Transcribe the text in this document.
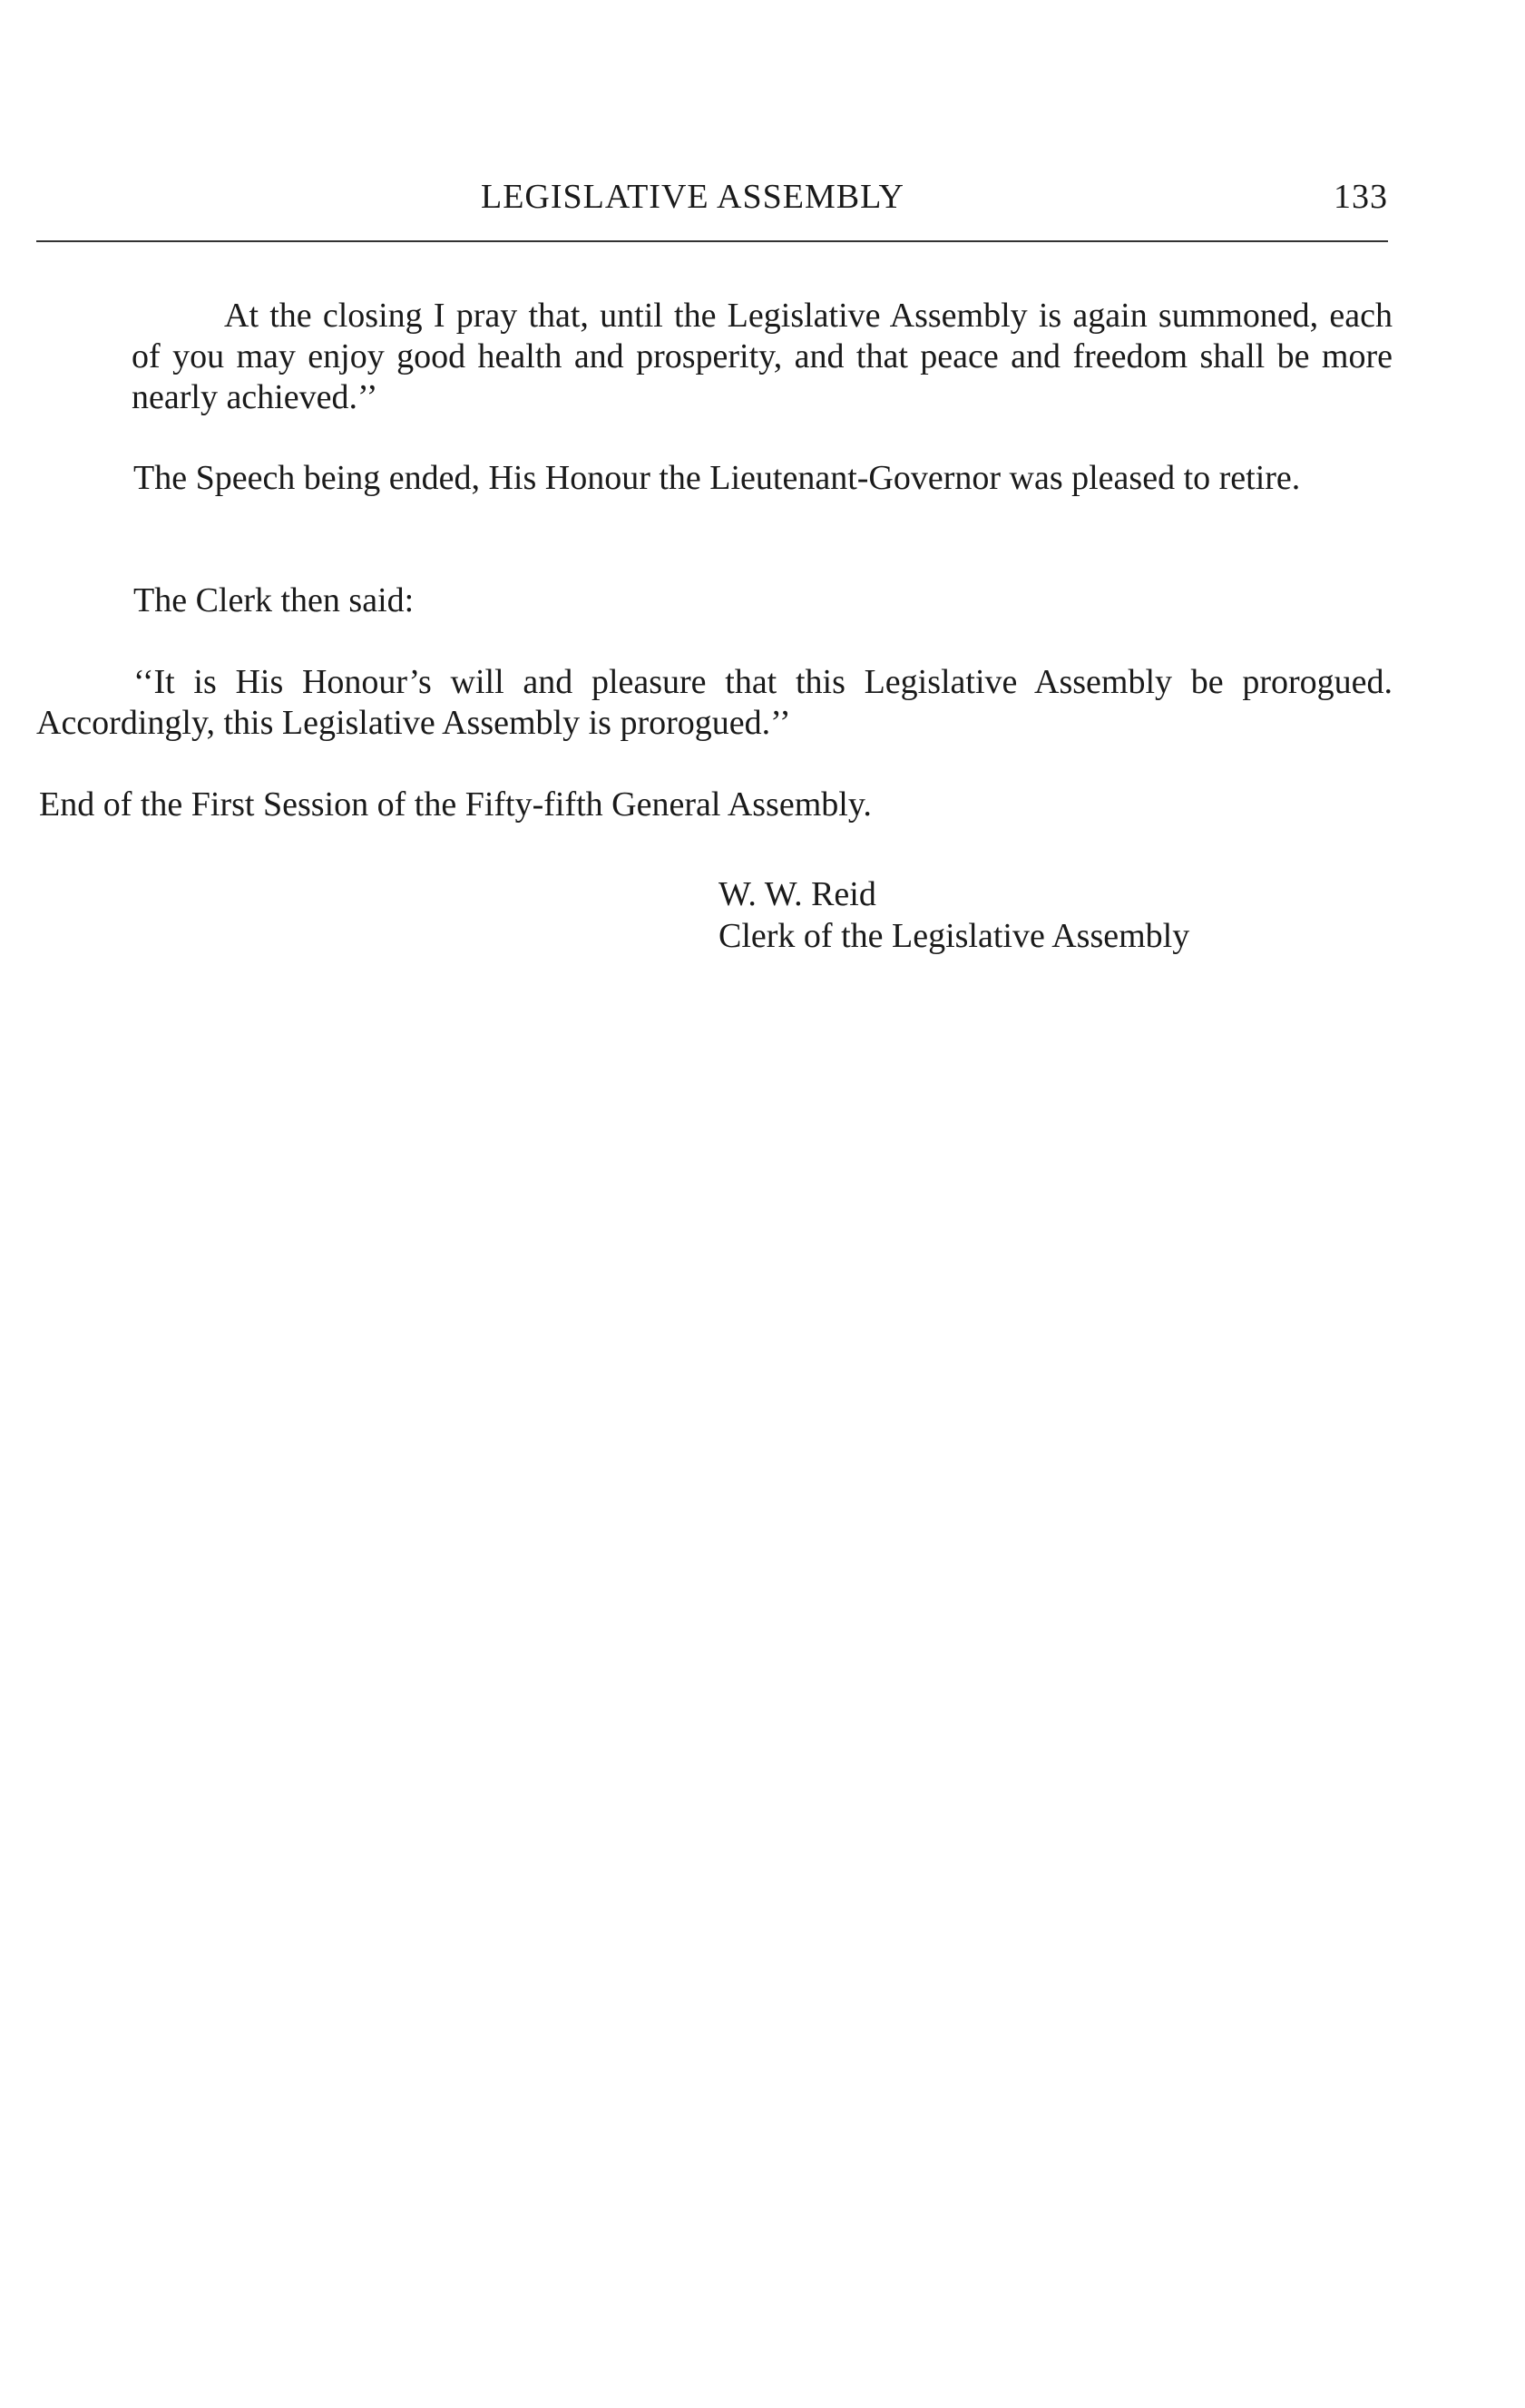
LEGISLATIVE ASSEMBLY	133

At the closing I pray that, until the Legislative Assembly is again summoned, each of you may enjoy good health and prosperity, and that peace and freedom shall be more nearly achieved.’’

The Speech being ended, His Honour the Lieutenant-Governor was pleased to retire.

The Clerk then said:

‘‘It is His Honour’s will and pleasure that this Legislative Assembly be prorogued. Accordingly, this Legislative Assembly is prorogued.’’

End of the First Session of the Fifty-fifth General Assembly.

W. W. Reid
Clerk of the Legislative Assembly
